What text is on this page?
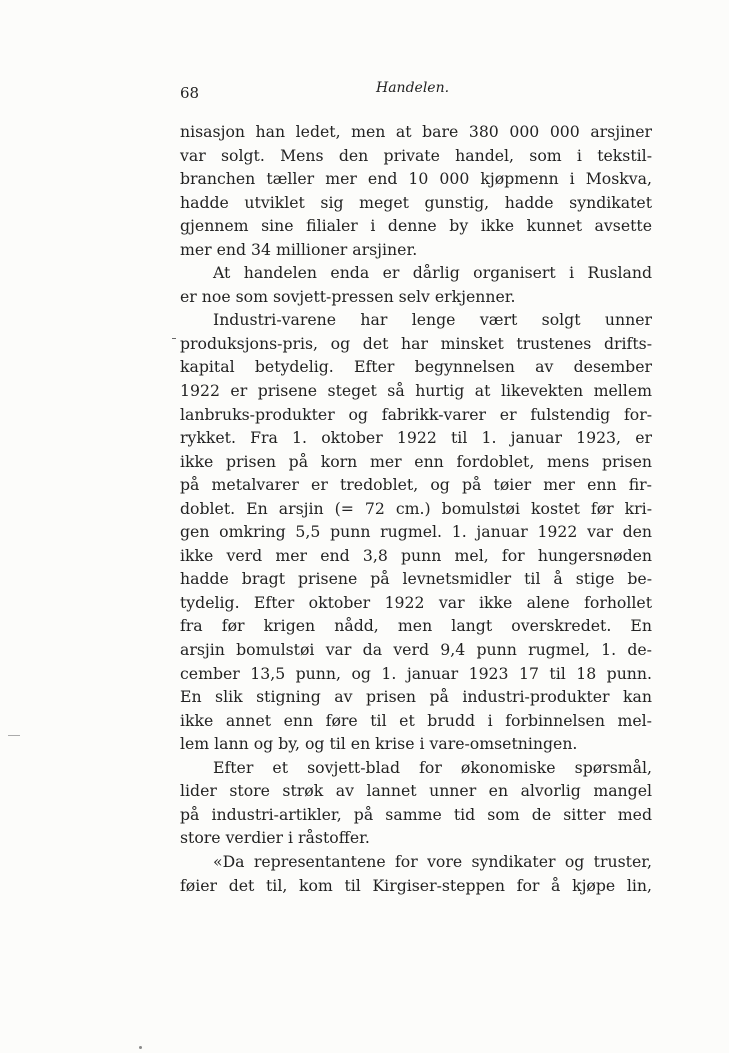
68	Handelen.
nisasjon han ledet, men at bare 380 000 000 arsjiner
var solgt. Mens den private handel, som i tekstil-
branchen tæller mer end 10 000 kjøpmenn i Moskva,
hadde utviklet sig meget gunstig, hadde syndikatet
gjennem sine filialer i denne by ikke kunnet avsette
mer end 34 millioner arsjiner.
At handelen enda er dårlig organisert i Rusland
er noe som sovjett-pressen selv erkjenner.
Industri-varene har lenge vært solgt unner
produksjons-pris, og det har minsket trustenes drifts-
kapital betydelig. Efter begynnelsen av desember
1922 er prisene steget så hurtig at likevekten mellem
lanbruks-produkter og fabrikk-varer er fulstendig for-
rykket. Fra 1. oktober 1922 til 1. januar 1923, er
ikke prisen på korn mer enn fordoblet, mens prisen
på metalvarer er tredoblet, og på tøier mer enn fir-
doblet. En arsjin (= 72 cm.) bomulstøi kostet før kri-
gen omkring 5,5 punn rugmel. 1. januar 1922 var den
ikke verd mer end 3,8 punn mel, for hungersnøden
hadde bragt prisene på levnetsmidler til å stige be-
tydelig. Efter oktober 1922 var ikke alene forhollet
fra før krigen nådd, men langt overskredet. En
arsjin bomulstøi var da verd 9,4 punn rugmel, 1. de-
cember 13,5 punn, og 1. januar 1923 17 til 18 punn.
En slik stigning av prisen på industri-produkter kan
ikke annet enn føre til et brudd i forbinnelsen mel-
lem lann og by, og til en krise i vare-omsetningen.
Efter et sovjett-blad for økonomiske spørsmål,
lider store strøk av lannet unner en alvorlig mangel
på industri-artikler, på samme tid som de sitter med
store verdier i råstoffer.
«Da representantene for vore syndikater og truster,
føier det til, kom til Kirgiser-steppen for å kjøpe lin,
